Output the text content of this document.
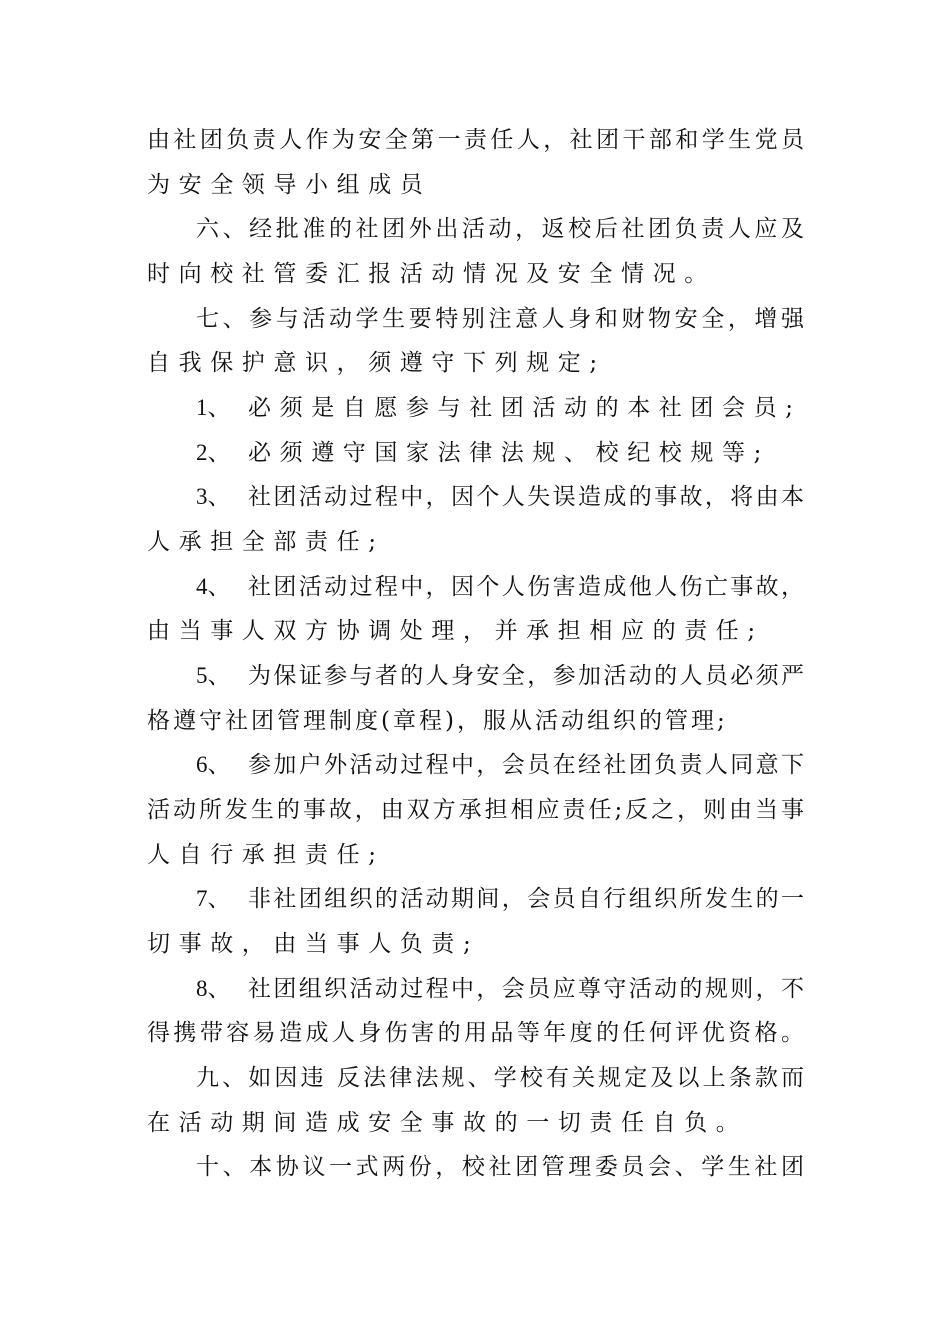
由社团负责人作为安全第一责任人，社团干部和学生党员
为安全领导小组成员
六、经批准的社团外出活动，返校后社团负责人应及
时向校社管委汇报活动情况及安全情况。
七、参与活动学生要特别注意人身和财物安全，增强
自我保护意识，须遵守下列规定;
1、 必须是自愿参与社团活动的本社团会员;
2、 必须遵守国家法律法规、校纪校规等;
3、 社团活动过程中，因个人失误造成的事故，将由本
人承担全部责任;
4、 社团活动过程中，因个人伤害造成他人伤亡事故，
由当事人双方协调处理，并承担相应的责任;
5、 为保证参与者的人身安全，参加活动的人员必须严
格遵守社团管理制度(章程)，服从活动组织的管理;
6、 参加户外活动过程中，会员在经社团负责人同意下
活动所发生的事故，由双方承担相应责任;反之，则由当事
人自行承担责任;
7、 非社团组织的活动期间，会员自行组织所发生的一
切事故，由当事人负责;
8、 社团组织活动过程中，会员应尊守活动的规则，不
得携带容易造成人身伤害的用品等年度的任何评优资格。
九、如因违 反法律法规、学校有关规定及以上条款而
在活动期间造成安全事故的一切责任自负。
十、本协议一式两份，校社团管理委员会、学生社团
